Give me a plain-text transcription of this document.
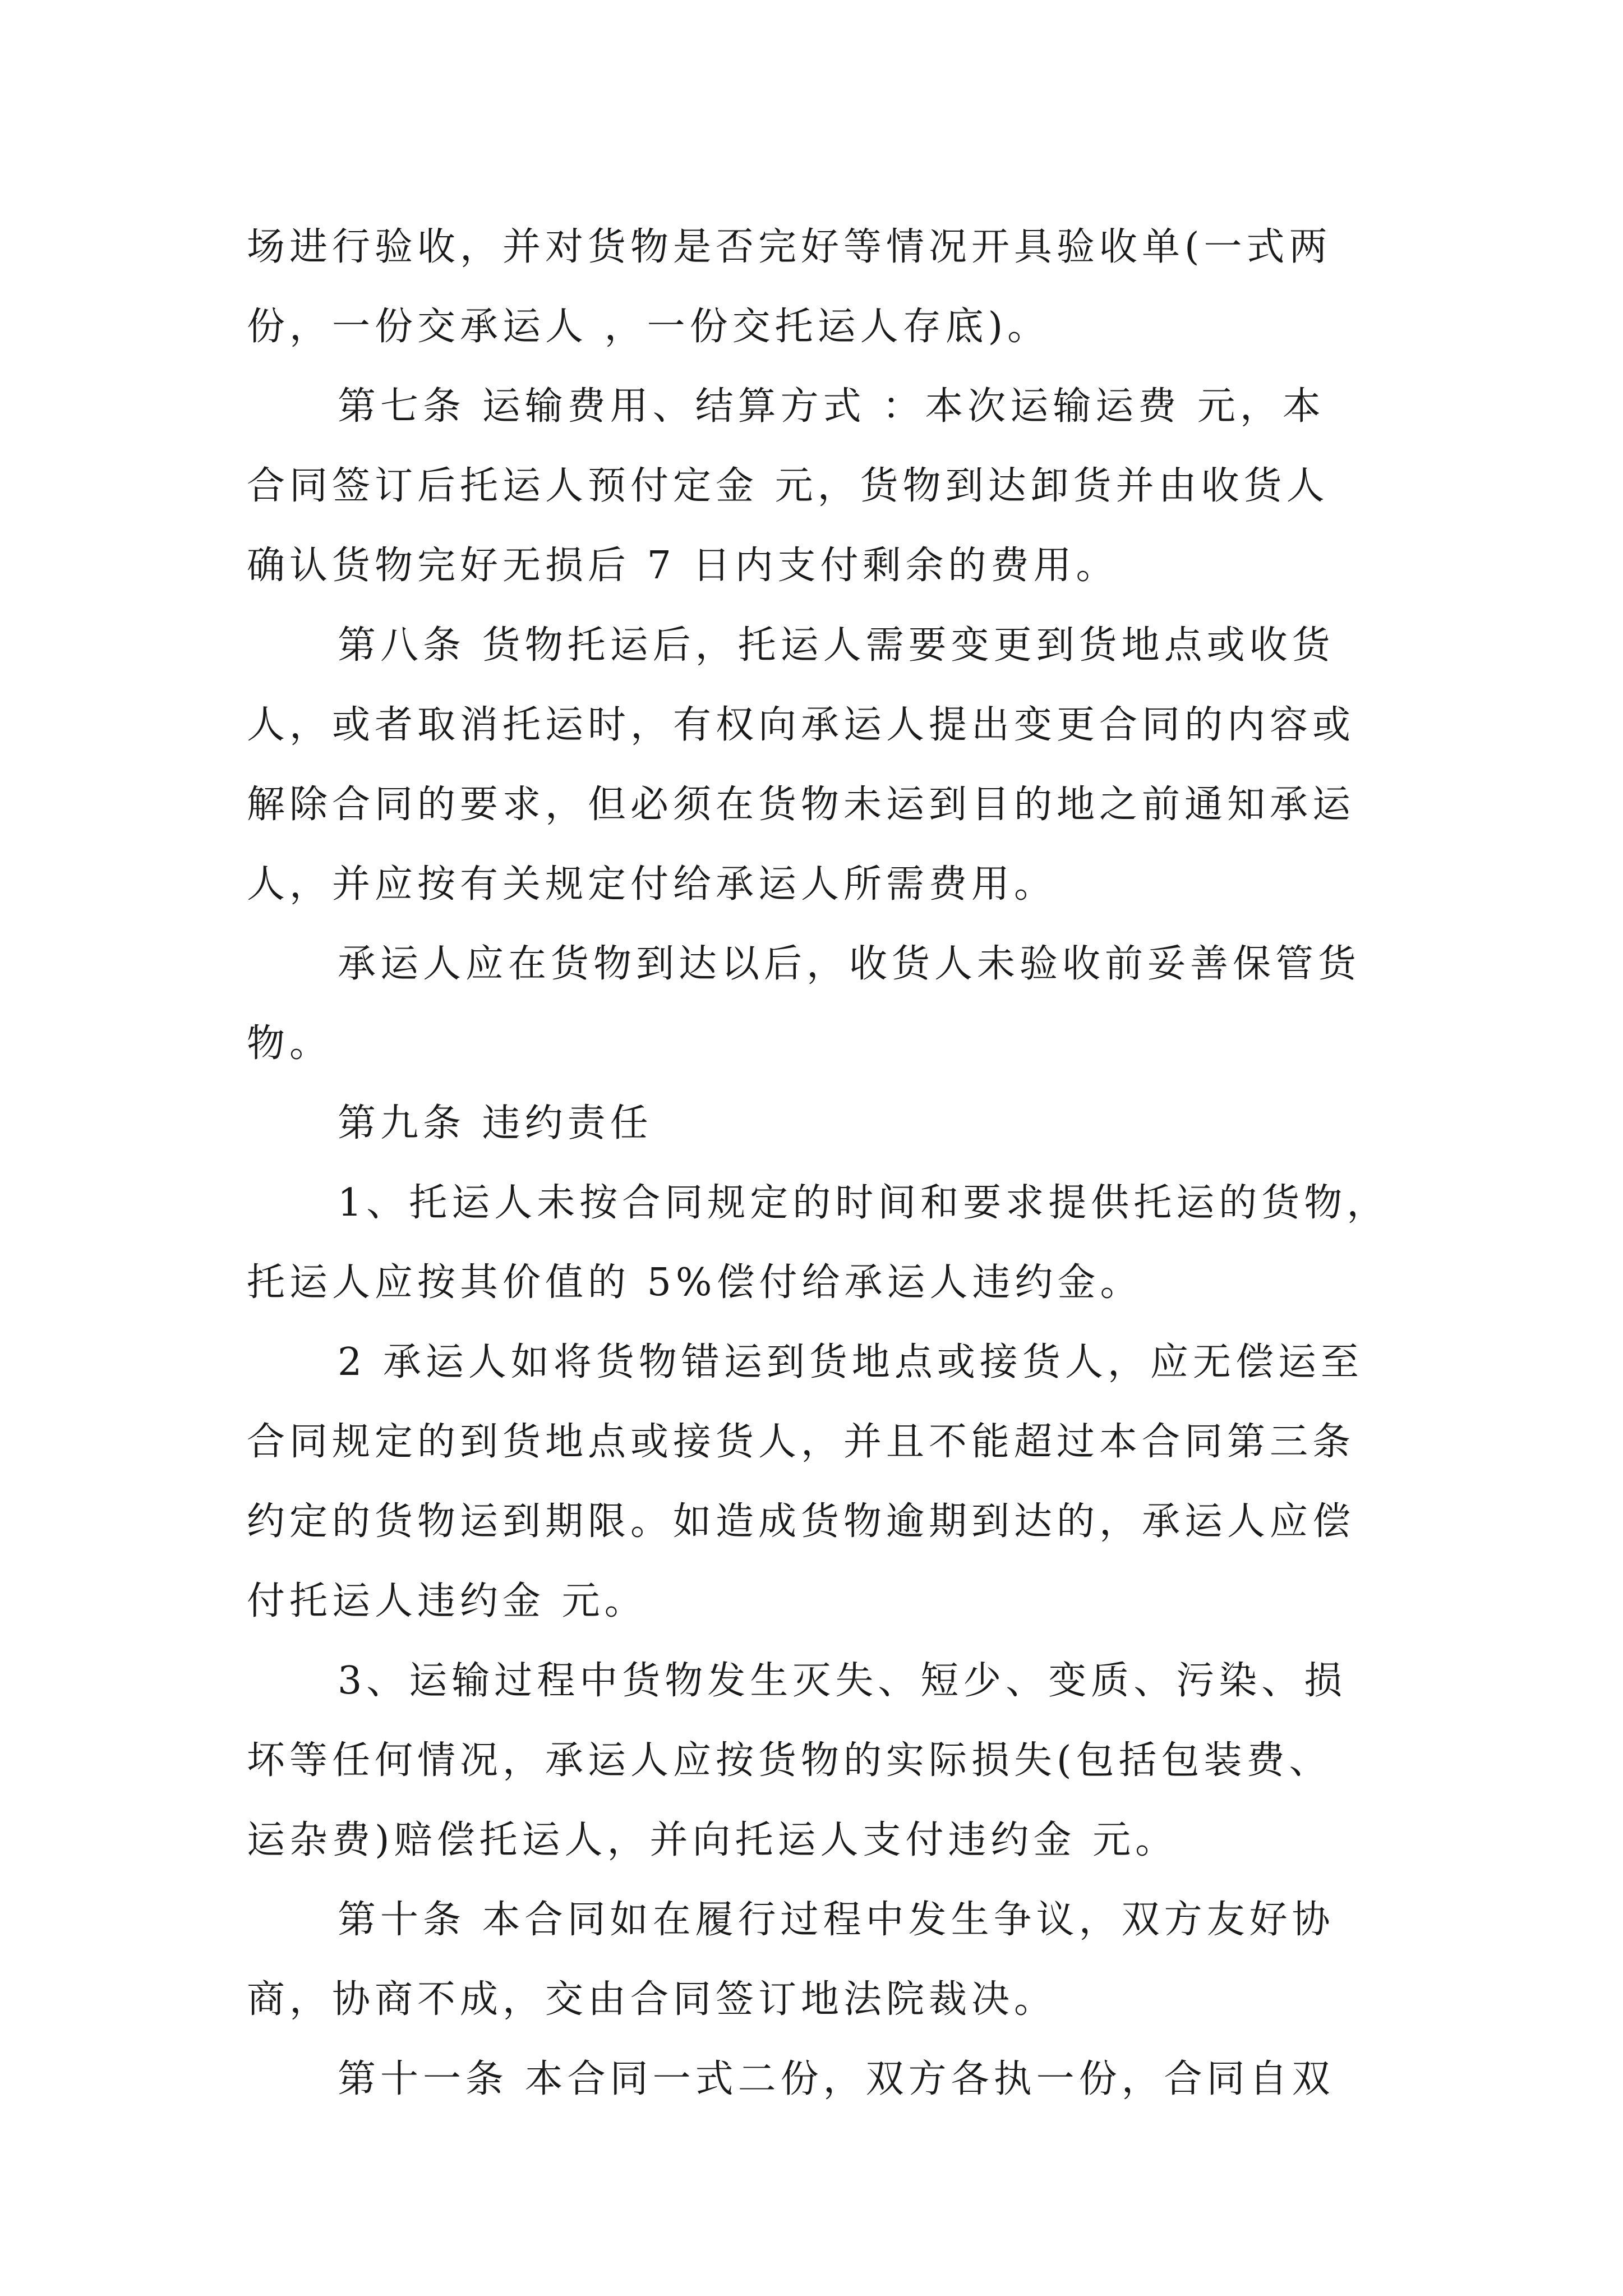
场进行验收，并对货物是否完好等情况开具验收单(一式两
份，一份交承运人 ，一份交托运人存底)。
第七条 运输费用、结算方式 ：本次运输运费 元，本
合同签订后托运人预付定金 元，货物到达卸货并由收货人
确认货物完好无损后 7 日内支付剩余的费用。
第八条 货物托运后，托运人需要变更到货地点或收货
人，或者取消托运时，有权向承运人提出变更合同的内容或
解除合同的要求，但必须在货物未运到目的地之前通知承运
人，并应按有关规定付给承运人所需费用。
承运人应在货物到达以后，收货人未验收前妥善保管货
物。
第九条 违约责任
1、托运人未按合同规定的时间和要求提供托运的货物，
托运人应按其价值的 5%偿付给承运人违约金。
2 承运人如将货物错运到货地点或接货人，应无偿运至
合同规定的到货地点或接货人，并且不能超过本合同第三条
约定的货物运到期限。如造成货物逾期到达的，承运人应偿
付托运人违约金 元。
3、运输过程中货物发生灭失、短少、变质、污染、损
坏等任何情况，承运人应按货物的实际损失(包括包装费、
运杂费)赔偿托运人，并向托运人支付违约金 元。
第十条 本合同如在履行过程中发生争议，双方友好协
商，协商不成，交由合同签订地法院裁决。
第十一条 本合同一式二份，双方各执一份，合同自双
